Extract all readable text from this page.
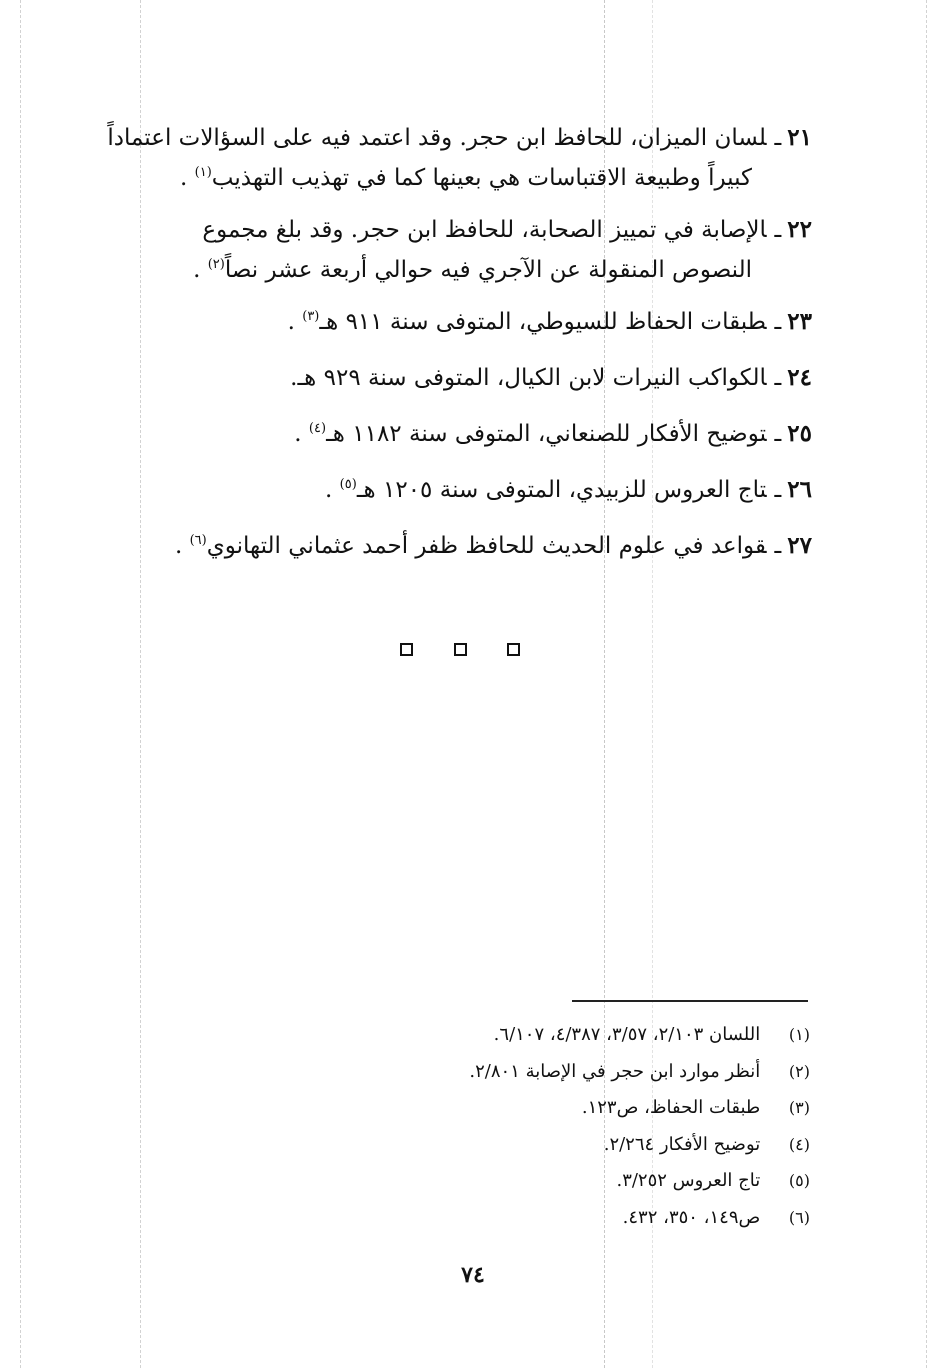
٢١ـلسان الميزان، للحافظ ابن حجر. وقد اعتمد فيه على السؤالات اعتماداً
كبيراً وطبيعة الاقتباسات هي بعينها كما في تهذيب التهذيب$^{(١)}$ .

٢٢ـالإصابة في تمييز الصحابة، للحافظ ابن حجر. وقد بلغ مجموع
النصوص المنقولة عن الآجري فيه حوالي أربعة عشر نصاً$^{(٢)}$ .

٢٣ـطبقات الحفاظ للسيوطي، المتوفى سنة ٩١١ هـ$^{(٣)}$ .

٢٤ـالكواكب النيرات لابن الكيال، المتوفى سنة ٩٢٩ هـ.

٢٥ـتوضيح الأفكار للصنعاني، المتوفى سنة ١١٨٢ هـ$^{(٤)}$ .

٢٦ـتاج العروس للزبيدي، المتوفى سنة ١٢٠٥ هـ$^{(٥)}$ .

٢٧ـقواعد في علوم الحديث للحافظ ظفر أحمد عثماني التهانوي$^{(٦)}$ .

(١) اللسان ٢/١٠٣، ٣/٥٧، ٤/٣٨٧، ٦/١٠٧.

(٢) أنظر موارد ابن حجر في الإصابة ٢/٨٠١.

(٣) طبقات الحفاظ، ص١٢٣.

(٤) توضيح الأفكار ٢/٢٦٤.

(٥) تاج العروس ٣/٢٥٢.

(٦) ص١٤٩، ٣٥٠، ٤٣٢.

٧٤
